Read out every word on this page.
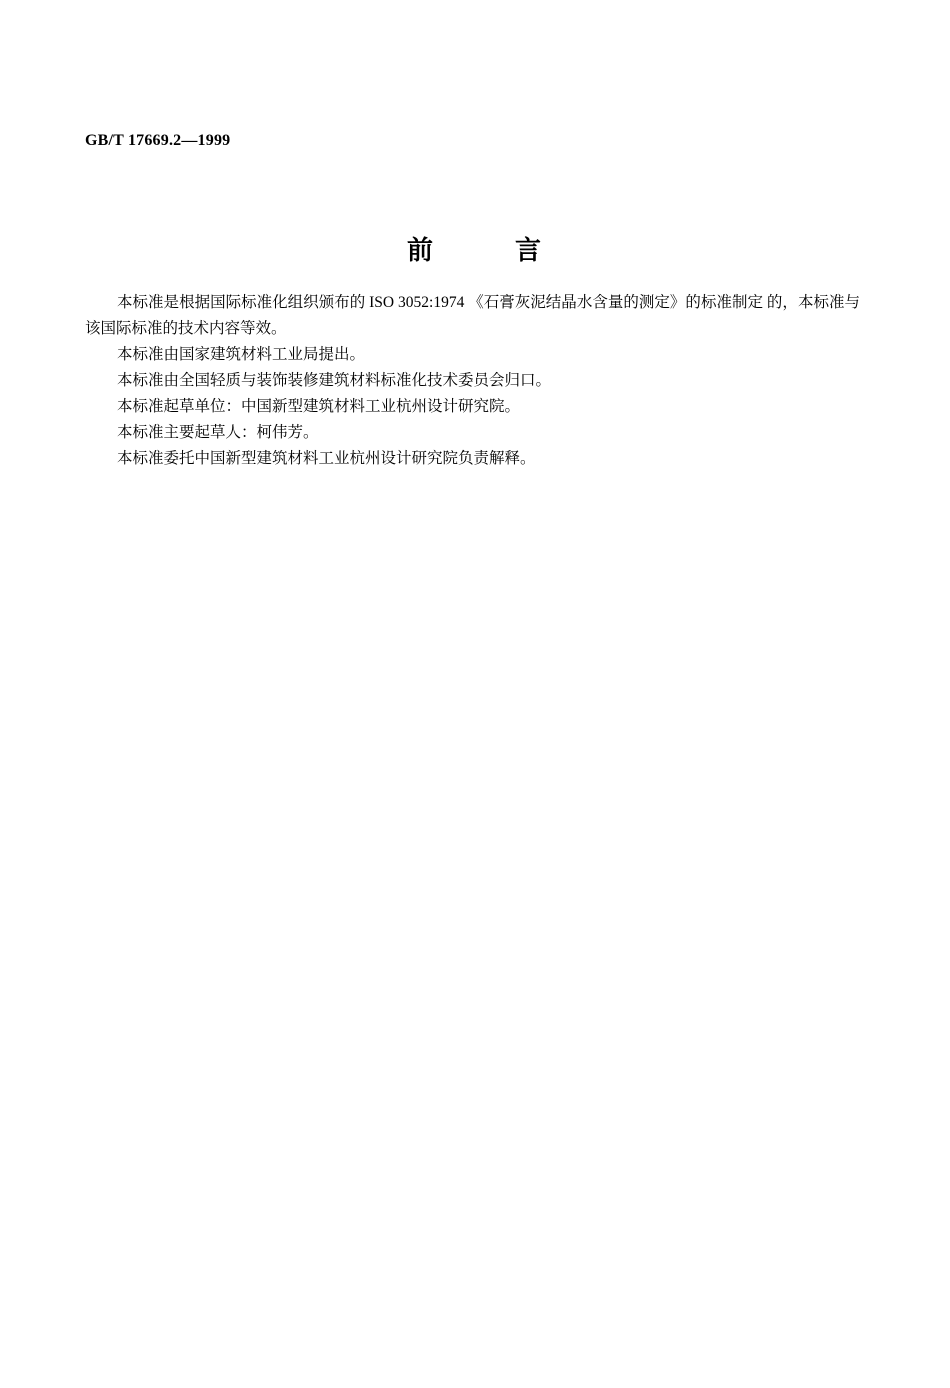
GB/T 17669.2—1999
前	言

本标准是根据国际标准化组织颁布的 ISO 3052:1974 《石膏灰泥结晶水含量的测定》的标准制定 的，本标准与该国际标准的技术内容等效。

本标准由国家建筑材料工业局提出。

本标准由全国轻质与装饰装修建筑材料标准化技术委员会归口。

本标准起草单位：中国新型建筑材料工业杭州设计研究院。

本标准主要起草人：柯伟芳。

本标准委托中国新型建筑材料工业杭州设计研究院负责解释。
